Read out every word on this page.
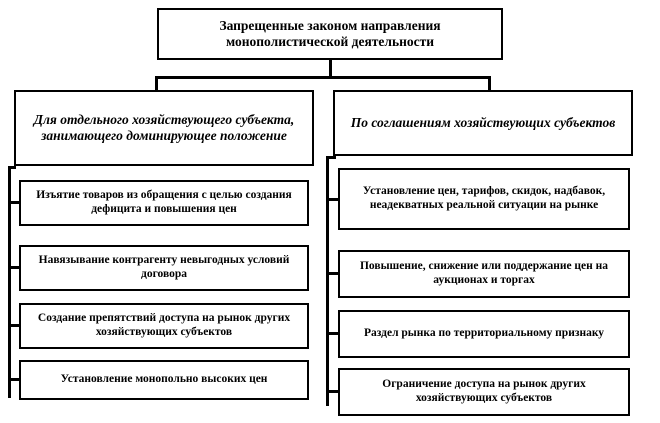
Запрещенные законом направления монополистической деятельности
Для отдельного хозяйствующего субъекта, занимающего доминирующее положение
По соглашениям хозяйствующих субъектов
Изъятие товаров из обращения с целью создания дефицита и повышения цен
Навязывание контрагенту невыгодных условий договора
Создание препятствий доступа на рынок других хозяйствующих субъектов
Установление монопольно высоких цен
Установление цен, тарифов, скидок, надбавок, неадекватных реальной ситуации на рынке
Повышение, снижение или поддержание цен на аукционах и торгах
Раздел рынка по территориальному признаку
Ограничение доступа на рынок других хозяйствующих субъектов
